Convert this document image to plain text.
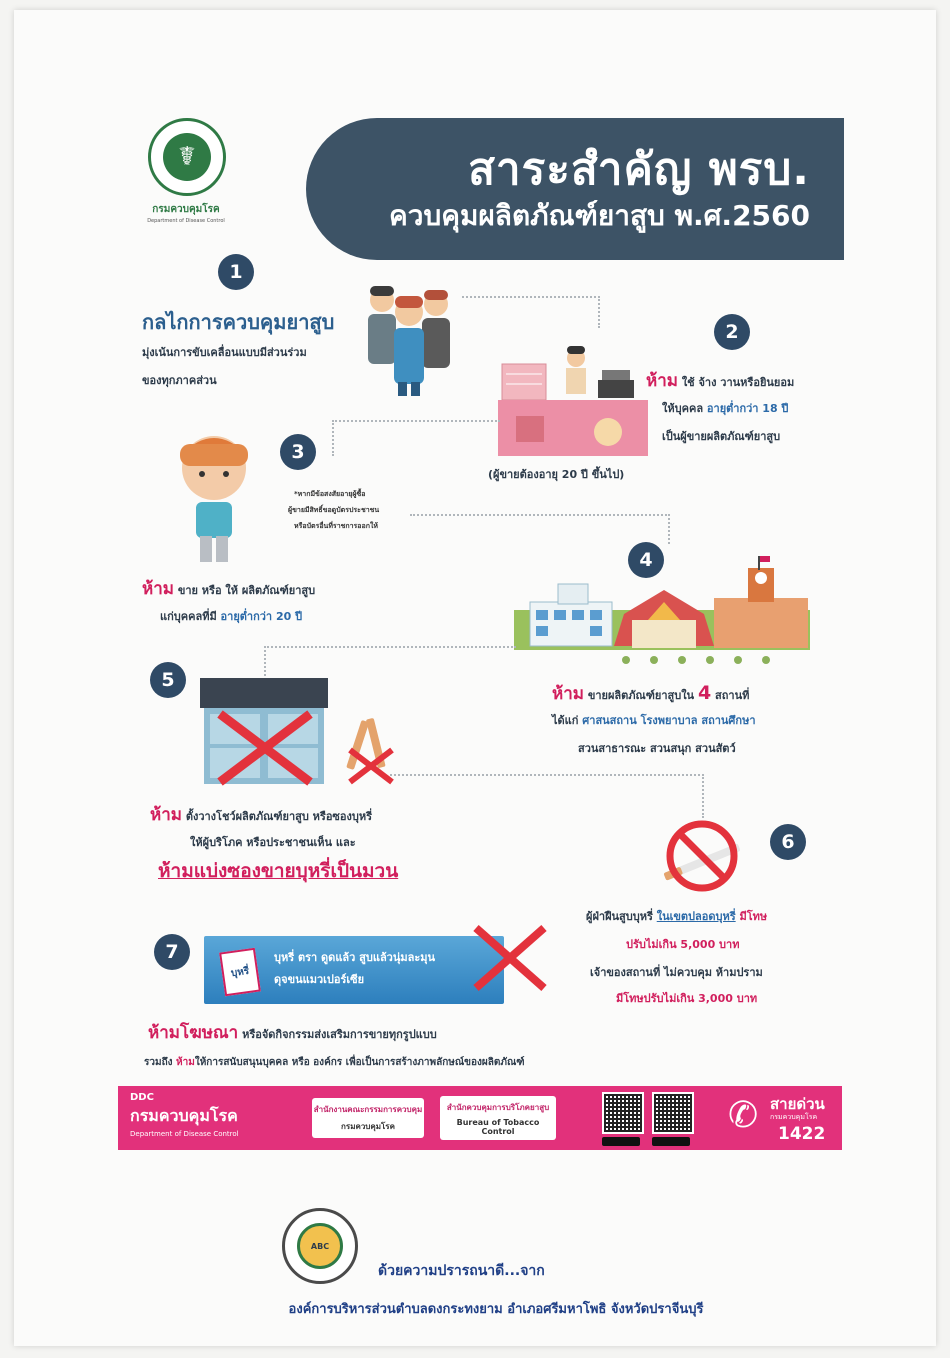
☤
กรมควบคุมโรค
Department of Disease Control
สาระสำคัญ พรบ.
ควบคุมผลิตภัณฑ์ยาสูบ พ.ศ.2560
1
กลไกการควบคุมยาสูบ
มุ่งเน้นการขับเคลื่อนแบบมีส่วนร่วม
ของทุกภาคส่วน
2
ห้าม ใช้ จ้าง วานหรือยินยอม
ให้บุคคล อายุต่ำกว่า 18 ปี
เป็นผู้ขายผลิตภัณฑ์ยาสูบ
(ผู้ขายต้องอายุ 20 ปี ขึ้นไป)
3
*หากมีข้อสงสัยอายุผู้ซื้อ
ผู้ขายมีสิทธิ์ขอดูบัตรประชาชน
หรือบัตรอื่นที่ราชการออกให้
ห้าม ขาย หรือ ให้ ผลิตภัณฑ์ยาสูบ
แก่บุคคลที่มี อายุต่ำกว่า 20 ปี
4
ห้าม ขายผลิตภัณฑ์ยาสูบใน 4 สถานที่
ได้แก่ ศาสนสถาน โรงพยาบาล สถานศึกษา
สวนสาธารณะ สวนสนุก สวนสัตว์
5
ห้าม ตั้งวางโชว์ผลิตภัณฑ์ยาสูบ หรือซองบุหรี่
ให้ผู้บริโภค หรือประชาชนเห็น และ
ห้ามแบ่งซองขายบุหรี่เป็นมวน
6
ผู้ฝ่าฝืนสูบบุหรี่ ในเขตปลอดบุหรี่ มีโทษ
ปรับไม่เกิน 5,000 บาท
เจ้าของสถานที่ ไม่ควบคุม ห้ามปราม
มีโทษปรับไม่เกิน 3,000 บาท
7
บุหรี่
บุหรี่ ตรา ดูดแล้ว สูบแล้วนุ่มละมุน
ดุจขนแมวเปอร์เซีย
ห้ามโฆษณา หรือจัดกิจกรรมส่งเสริมการขายทุกรูปแบบ
รวมถึง ห้ามให้การสนับสนุนบุคคล หรือ องค์กร เพื่อเป็นการสร้างภาพลักษณ์ของผลิตภัณฑ์
DDC
กรมควบคุมโรค
Department of Disease Control
สำนักงานคณะกรรมการควบคุม
กรมควบคุมโรค
สำนักควบคุมการบริโภคยาสูบ
Bureau of Tobacco Control	✆ สายด่วน
กรมควบคุมโรค
1422
ABC
ด้วยความปรารถนาดี...จาก
องค์การบริหารส่วนตำบลดงกระทงยาม อำเภอศรีมหาโพธิ จังหวัดปราจีนบุรี
